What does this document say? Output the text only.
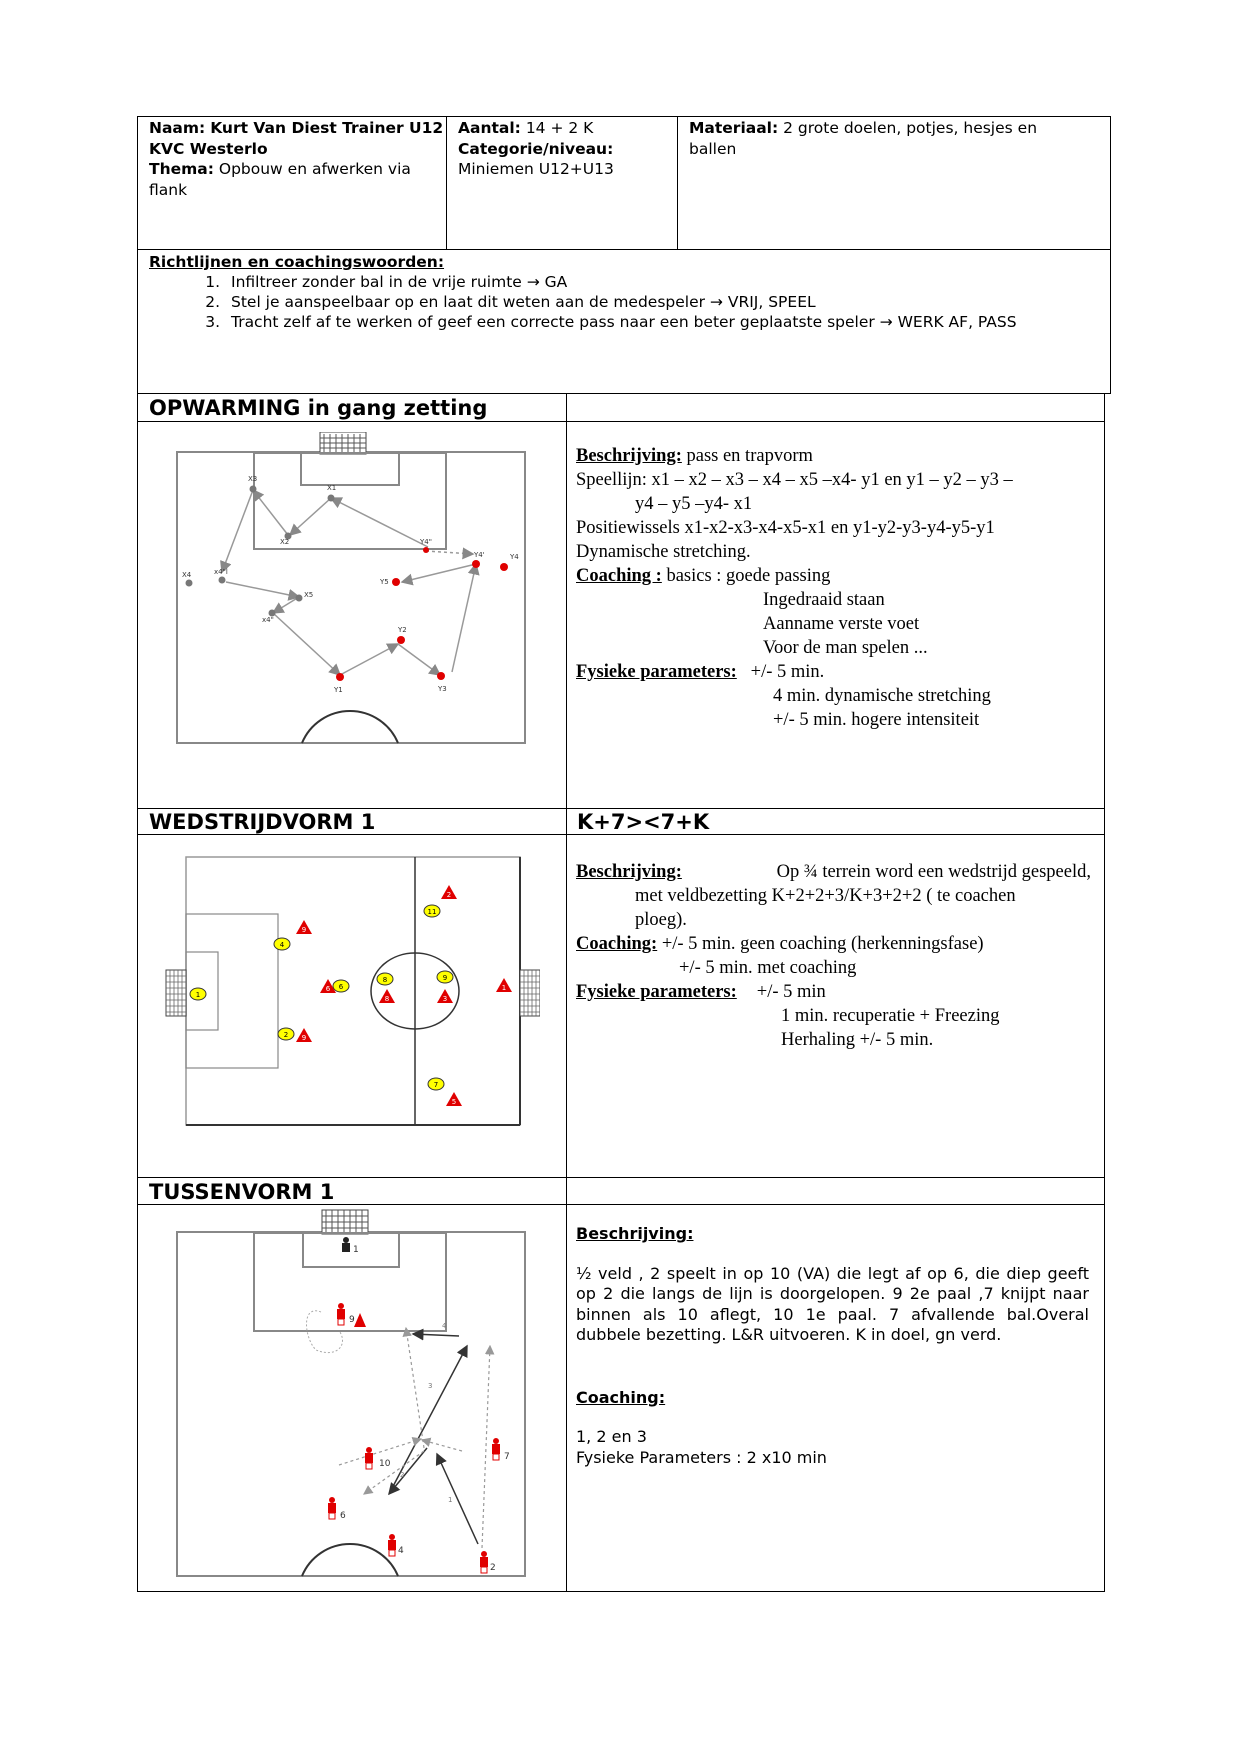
Naam: Kurt Van Diest Trainer U12 KVC Westerlo
Thema: Opbouw en afwerken via flank
Aantal: 14 + 2 K
Categorie/niveau:
Miniemen U12+U13
Materiaal: 2 grote doelen, potjes, hesjes en ballen
Richtlijnen en coachingswoorden:
1. Infiltreer zonder bal in de vrije ruimte → GA
2. Stel je aanspeelbaar op en laat dit weten aan de medespeler → VRIJ, SPEEL
3. Tracht zelf af te werken of geef een correcte pass naar een beter geplaatste speler → WERK AF, PASS
OPWARMING in gang zetting
X1
X2
X3
X4	x4"l
x4"
X5
Y1
Y2
Y3
Y4
Y4"
Y4'
Y5
Beschrijving: pass en trapvorm
Speellijn: x1 – x2 – x3 – x4 – x5 –x4- y1 en y1 – y2 – y3 –
y4 – y5 –y4- x1
Positiewissels x1-x2-x3-x4-x5-x1 en y1-y2-y3-y4-y5-y1
Dynamische stretching.
Coaching : basics : goede passing
Ingedraaid staan
Aanname verste voet
Voor de man spelen ...
Fysieke parameters: +/- 5 min.
4 min. dynamische stretching
+/- 5 min. hogere intensiteit
WEDSTRIJDVORM 1	K+7><7+K
1
4
2
6
8	9
11
7
9
6
9
8	3
2
1
5
Beschrijving:	Op ¾ terrein word een wedstrijd gespeeld,
met veldbezetting K+2+2+3/K+3+2+2 ( te coachen
ploeg).
Coaching: +/- 5 min. geen coaching (herkenningsfase)
+/- 5 min. met coaching
Fysieke parameters: +/- 5 min
1 min. recuperatie + Freezing
Herhaling +/- 5 min.
TUSSENVORM 1
1
9
7
10
6
4
2
1
2
3
4
Beschrijving:
½ veld , 2 speelt in op 10 (VA) die legt af op 6, die diep geeft op 2 die langs de lijn is doorgelopen. 9 2e paal ,7 knijpt naar binnen als 10 aflegt, 10 1e paal. 7 afvallende bal.Overal dubbele bezetting. L&R uitvoeren. K in doel, gn verd.
Coaching:
1, 2 en 3
Fysieke Parameters : 2 x10 min
